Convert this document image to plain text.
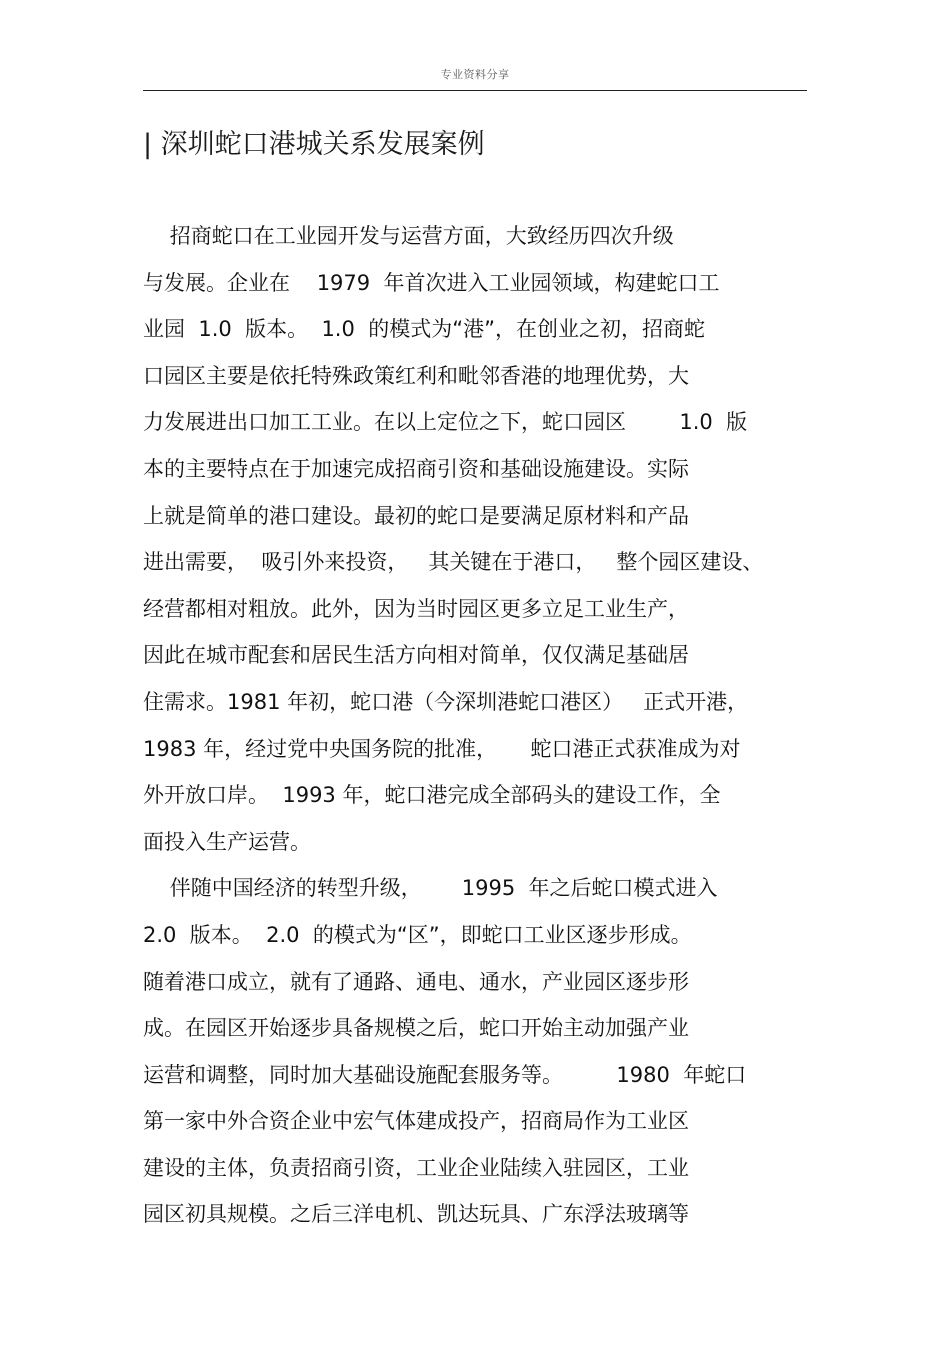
专业资料分享
| 深圳蛇口港城关系发展案例
招商蛇口在工业园开发与运营方面，大致经历四次升级
与发展。企业在    1979  年首次进入工业园领域，构建蛇口工
业园  1.0  版本。  1.0  的模式为“港”，在创业之初，招商蛇
口园区主要是依托特殊政策红利和毗邻香港的地理优势，大
力发展进出口加工工业。在以上定位之下，蛇口园区        1.0  版
本的主要特点在于加速完成招商引资和基础设施建设。实际
上就是简单的港口建设。最初的蛇口是要满足原材料和产品
进出需要，  吸引外来投资，   其关键在于港口，   整个园区建设、
经营都相对粗放。此外，因为当时园区更多立足工业生产，
因此在城市配套和居民生活方向相对简单，仅仅满足基础居
住需求。1981 年初，蛇口港（今深圳港蛇口港区）   正式开港，
1983 年，经过党中央国务院的批准，     蛇口港正式获准成为对
外开放口岸。  1993 年，蛇口港完成全部码头的建设工作，全
面投入生产运营。
伴随中国经济的转型升级，      1995  年之后蛇口模式进入
2.0  版本。  2.0  的模式为“区”，即蛇口工业区逐步形成。
随着港口成立，就有了通路、通电、通水，产业园区逐步形
成。在园区开始逐步具备规模之后，蛇口开始主动加强产业
运营和调整，同时加大基础设施配套服务等。        1980  年蛇口
第一家中外合资企业中宏气体建成投产，招商局作为工业区
建设的主体，负责招商引资，工业企业陆续入驻园区，工业
园区初具规模。之后三洋电机、凯达玩具、广东浮法玻璃等
